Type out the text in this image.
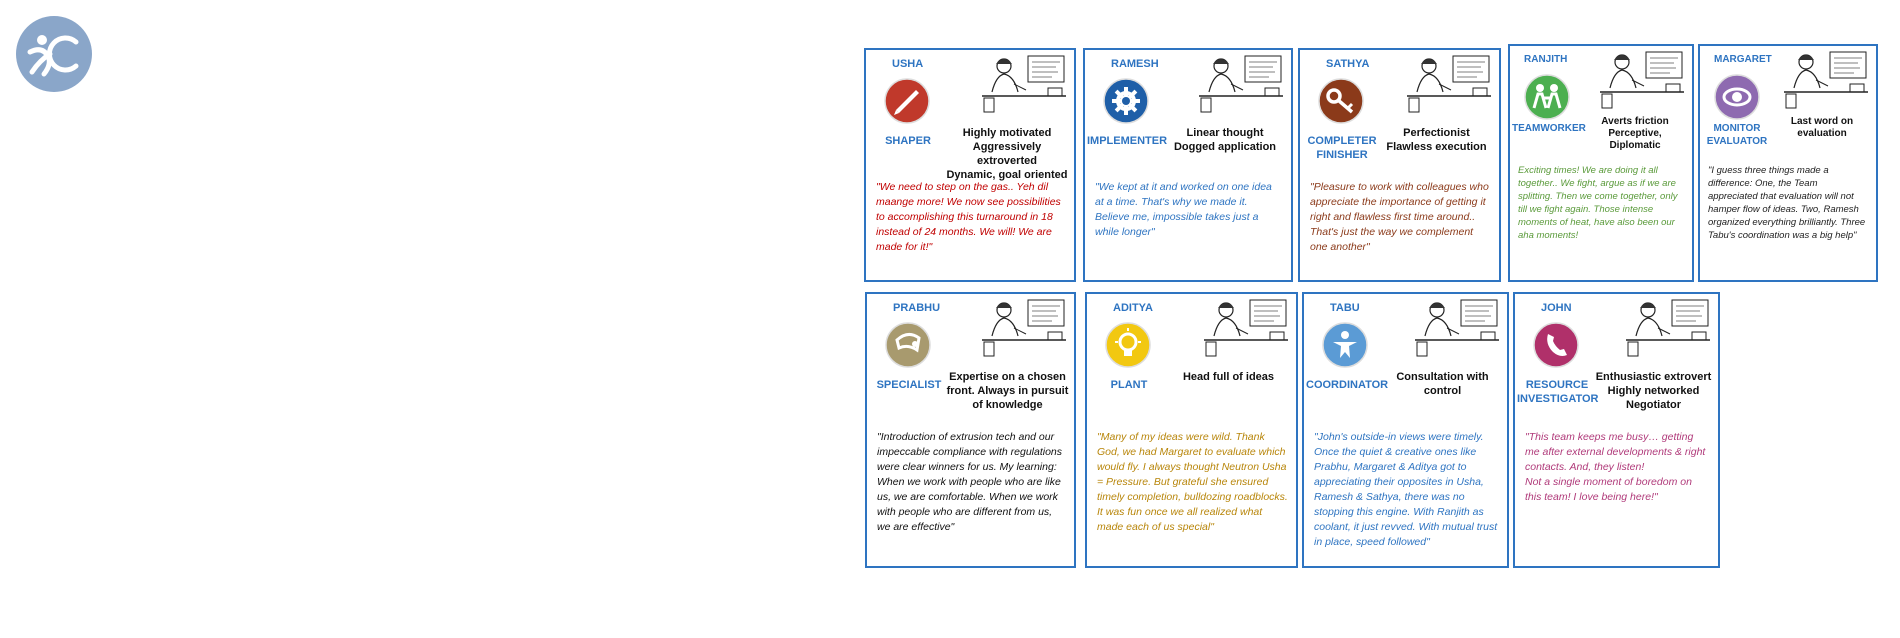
USHA
SHAPER
Highly motivated
Aggressively extroverted
Dynamic, goal oriented
"We need to step on the gas.. Yeh dil maange more! We now see possibilities to accomplishing this turnaround in 18 instead of 24 months. We will! We are made for it!"
RAMESH
IMPLEMENTER
Linear thought
Dogged application
"We kept at it and worked on one idea at a time. That's why we made it. Believe me, impossible takes just a while longer"
SATHYA
COMPLETER
FINISHER
Perfectionist
Flawless execution
"Pleasure to work with colleagues who appreciate the importance of getting it right and flawless first time around.. That's just the way we complement one another"
RANJITH
TEAMWORKER
Averts friction
Perceptive, Diplomatic
Exciting times! We are doing it all together.. We fight, argue as if we are splitting. Then we come together, only till we fight again. Those intense moments of heat, have also been our aha moments!
MARGARET
MONITOR
EVALUATOR
Last word on
evaluation
"I guess three things made a difference: One, the Team appreciated that evaluation will not hamper flow of ideas. Two, Ramesh organized everything brilliantly. Three Tabu's coordination was a big help"
PRABHU
SPECIALIST
Expertise on a chosen
front. Always in pursuit
of knowledge
"Introduction of extrusion tech and our impeccable compliance with regulations were clear winners for us. My learning: When we work with people who are like us, we are comfortable. When we work with people who are different from us, we are effective"
ADITYA
PLANT
Head full of ideas
"Many of my ideas were wild. Thank God, we had Margaret to evaluate which would fly. I always thought Neutron Usha = Pressure. But grateful she ensured timely completion, bulldozing roadblocks. It was fun once we all realized what made each of us special"
TABU
COORDINATOR
Consultation with
control
"John's outside-in views were timely. Once the quiet & creative ones like Prabhu, Margaret & Aditya got to appreciating their opposites in Usha, Ramesh & Sathya, there was no stopping this engine. With Ranjith as coolant, it just revved. With mutual trust in place, speed followed"
JOHN
RESOURCE
INVESTIGATOR
Enthusiastic extrovert
Highly networked
Negotiator
"This team keeps me busy… getting me after external developments & right contacts. And, they listen!
Not a single moment of boredom on this team! I love being here!"
